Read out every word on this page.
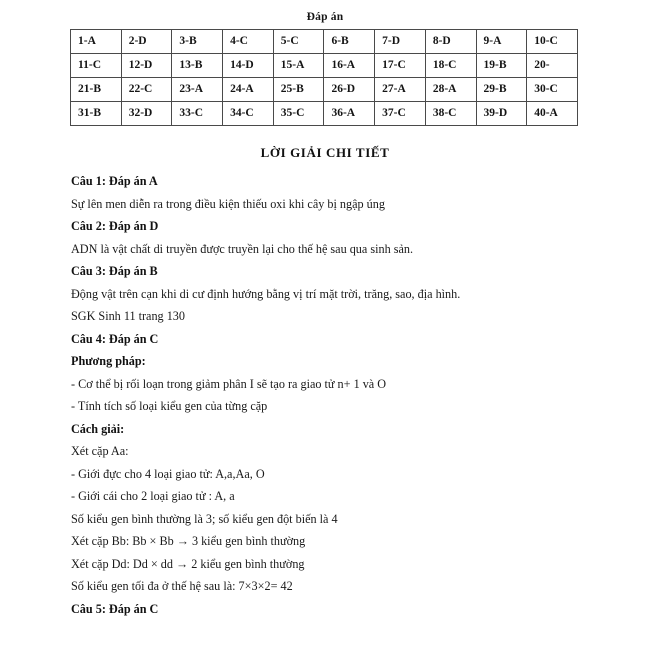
Đáp án
1-A	2-D	3-B	4-C	5-C	6-B	7-D	8-D	9-A	10-C
11-C	12-D	13-B	14-D	15-A	16-A	17-C	18-C	19-B	20-
21-B	22-C	23-A	24-A	25-B	26-D	27-A	28-A	29-B	30-C
31-B	32-D	33-C	34-C	35-C	36-A	37-C	38-C	39-D	40-A
LỜI GIẢI CHI TIẾT
Câu 1: Đáp án A
Sự lên men diễn ra trong điều kiện thiếu oxi khi cây bị ngập úng
Câu 2: Đáp án D
ADN là vật chất di truyền được truyền lại cho thế hệ sau qua sinh sản.
Câu 3: Đáp án B
Động vật trên cạn khi di cư định hướng bằng vị trí mặt trời, trăng, sao, địa hình.
SGK Sinh 11 trang 130
Câu 4: Đáp án C
Phương pháp:
- Cơ thể bị rối loạn trong giảm phân I sẽ tạo ra giao tử n+ 1 và O
- Tính tích số loại kiểu gen của từng cặp
Cách giải:
Xét cặp Aa:
- Giới đực cho 4 loại giao tử: A,a,Aa, O
- Giới cái cho 2 loại giao tử : A, a
Số kiểu gen bình thường là 3; số kiểu gen đột biến là 4
Xét cặp Bb: Bb × Bb → 3 kiểu gen bình thường
Xét cặp Dd: Dd × dd → 2 kiểu gen bình thường
Số kiểu gen tối đa ở thế hệ sau là: 7×3×2= 42
Câu 5: Đáp án C
